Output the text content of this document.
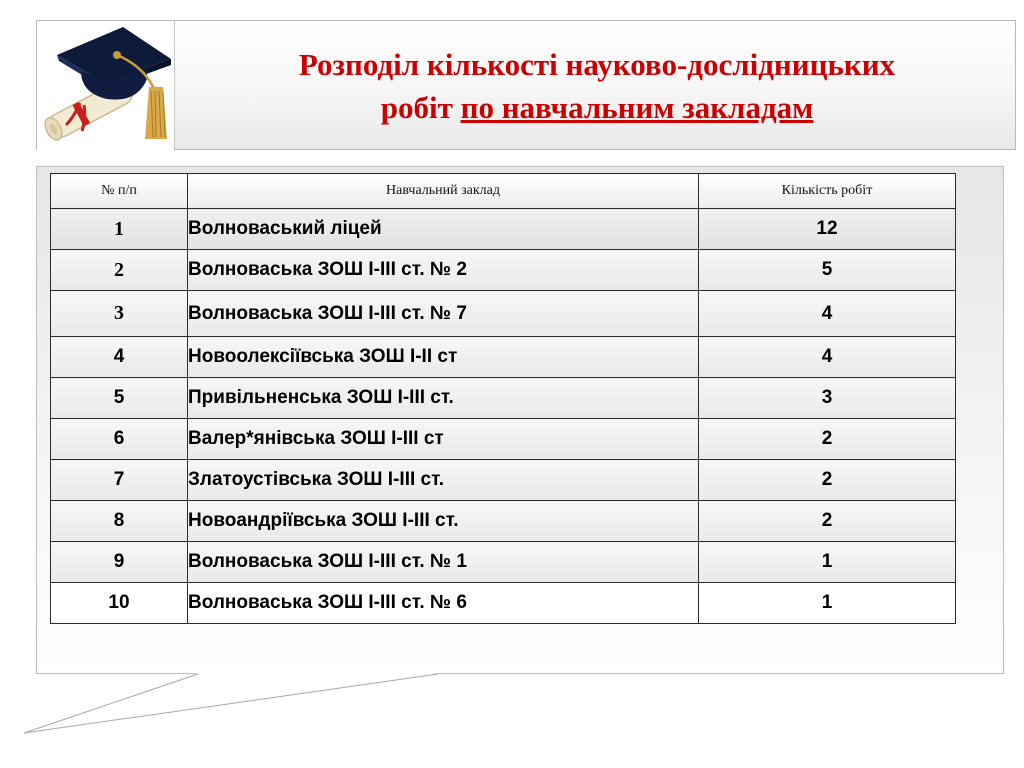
Розподіл кількості науково-дослідницьких
робіт по навчальним закладам
№ п/п	Навчальний заклад	Кількість робіт
1	Волноваський ліцей	12
2	Волноваська ЗОШ І-ІІІ ст. № 2	5
3	Волноваська ЗОШ І-ІІІ ст. № 7	4
4	Новоолексіївська ЗОШ І-ІІ ст	4
5	Привільненська ЗОШ І-ІІІ ст.	3
6	Валер*янівська ЗОШ І-ІІІ ст	2
7	Златоустівська ЗОШ І-ІІІ ст.	2
8	Новоандріївська ЗОШ І-ІІІ ст.	2
9	Волноваська ЗОШ І-ІІІ ст. № 1	1
10	Волноваська ЗОШ І-ІІІ ст. № 6	1
